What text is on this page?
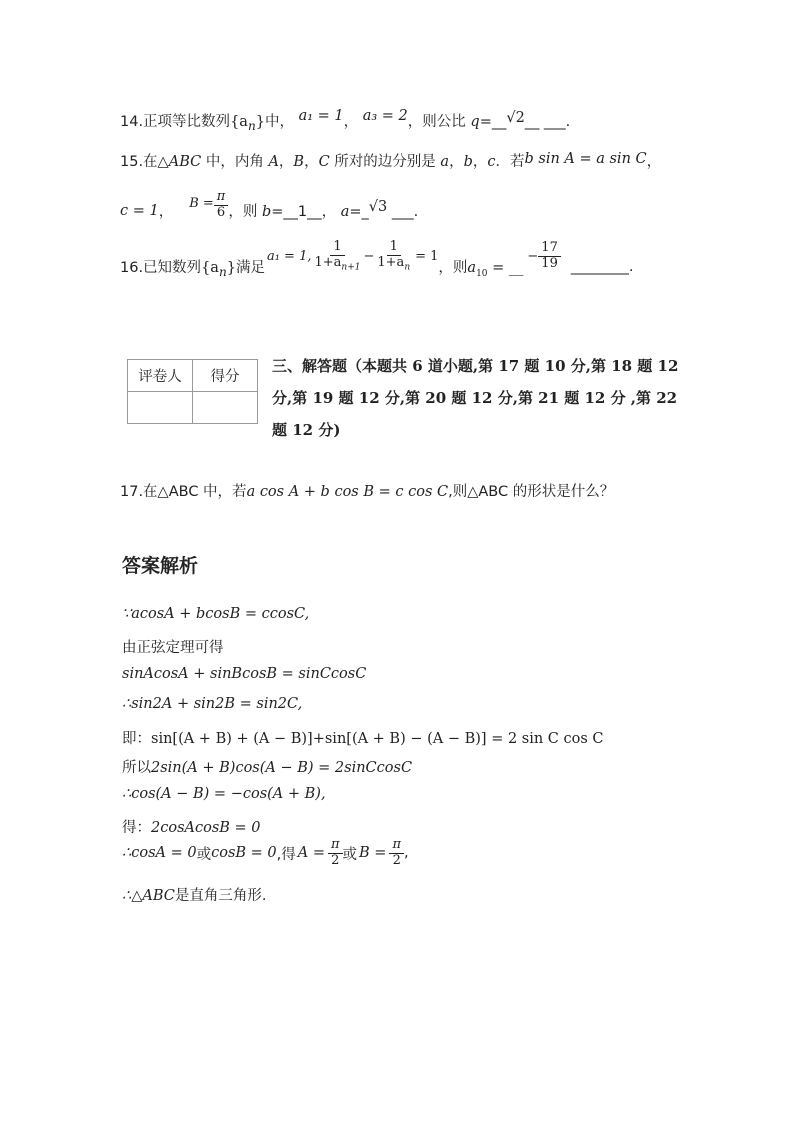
14.正项等比数列$\{a_n\}$中， a₁ = 1， a₃ = 2，则公比 q=__√2__ ___.
15.在△ABC 中，内角 A，B，C 所对的边分别是 a，b，c．若b sin A = a sin C，
c = 1 ，
$B = \frac{\pi}{6}$ ，则 b=__1__， a=_√3 ___.
16.已知数列$\{a_n\}$满足
a₁ = 1, $\frac{1}{1+a_{n+1}} - \frac{1}{1+a_n} = 1$
，则$a_{10}$ = __
− $\frac{17}{19}$ ________.
评卷人	得分

三、解答题（本题共 6 道小题,第 17 题 10 分,第 18 题 12 分,第 19 题 12 分,第 20 题 12 分,第 21 题 12 分 ,第 22 题 12 分)
17.在△ABC 中，若a cos A + b cos B = c cos C,则△ABC 的形状是什么？
答案解析
∵acosA + bcosB = ccosC,
由正弦定理可得
sinAcosA + sinBcosB = sinCcosC
∴sin2A + sin2B = sin2C,
即：sin[(A + B) + (A − B)]+sin[(A + B) − (A − B)] = 2 sin C cos C
所以2sin(A + B)cos(A − B) = 2sinCcosC
∴cos(A − B) = −cos(A + B),
得：2cosAcosB = 0
∴cosA = 0 或 cosB = 0 ,得 $A = \frac{\pi}{2}$ 或 $B = \frac{\pi}{2}$ ,
∴△ABC是直角三角形.
